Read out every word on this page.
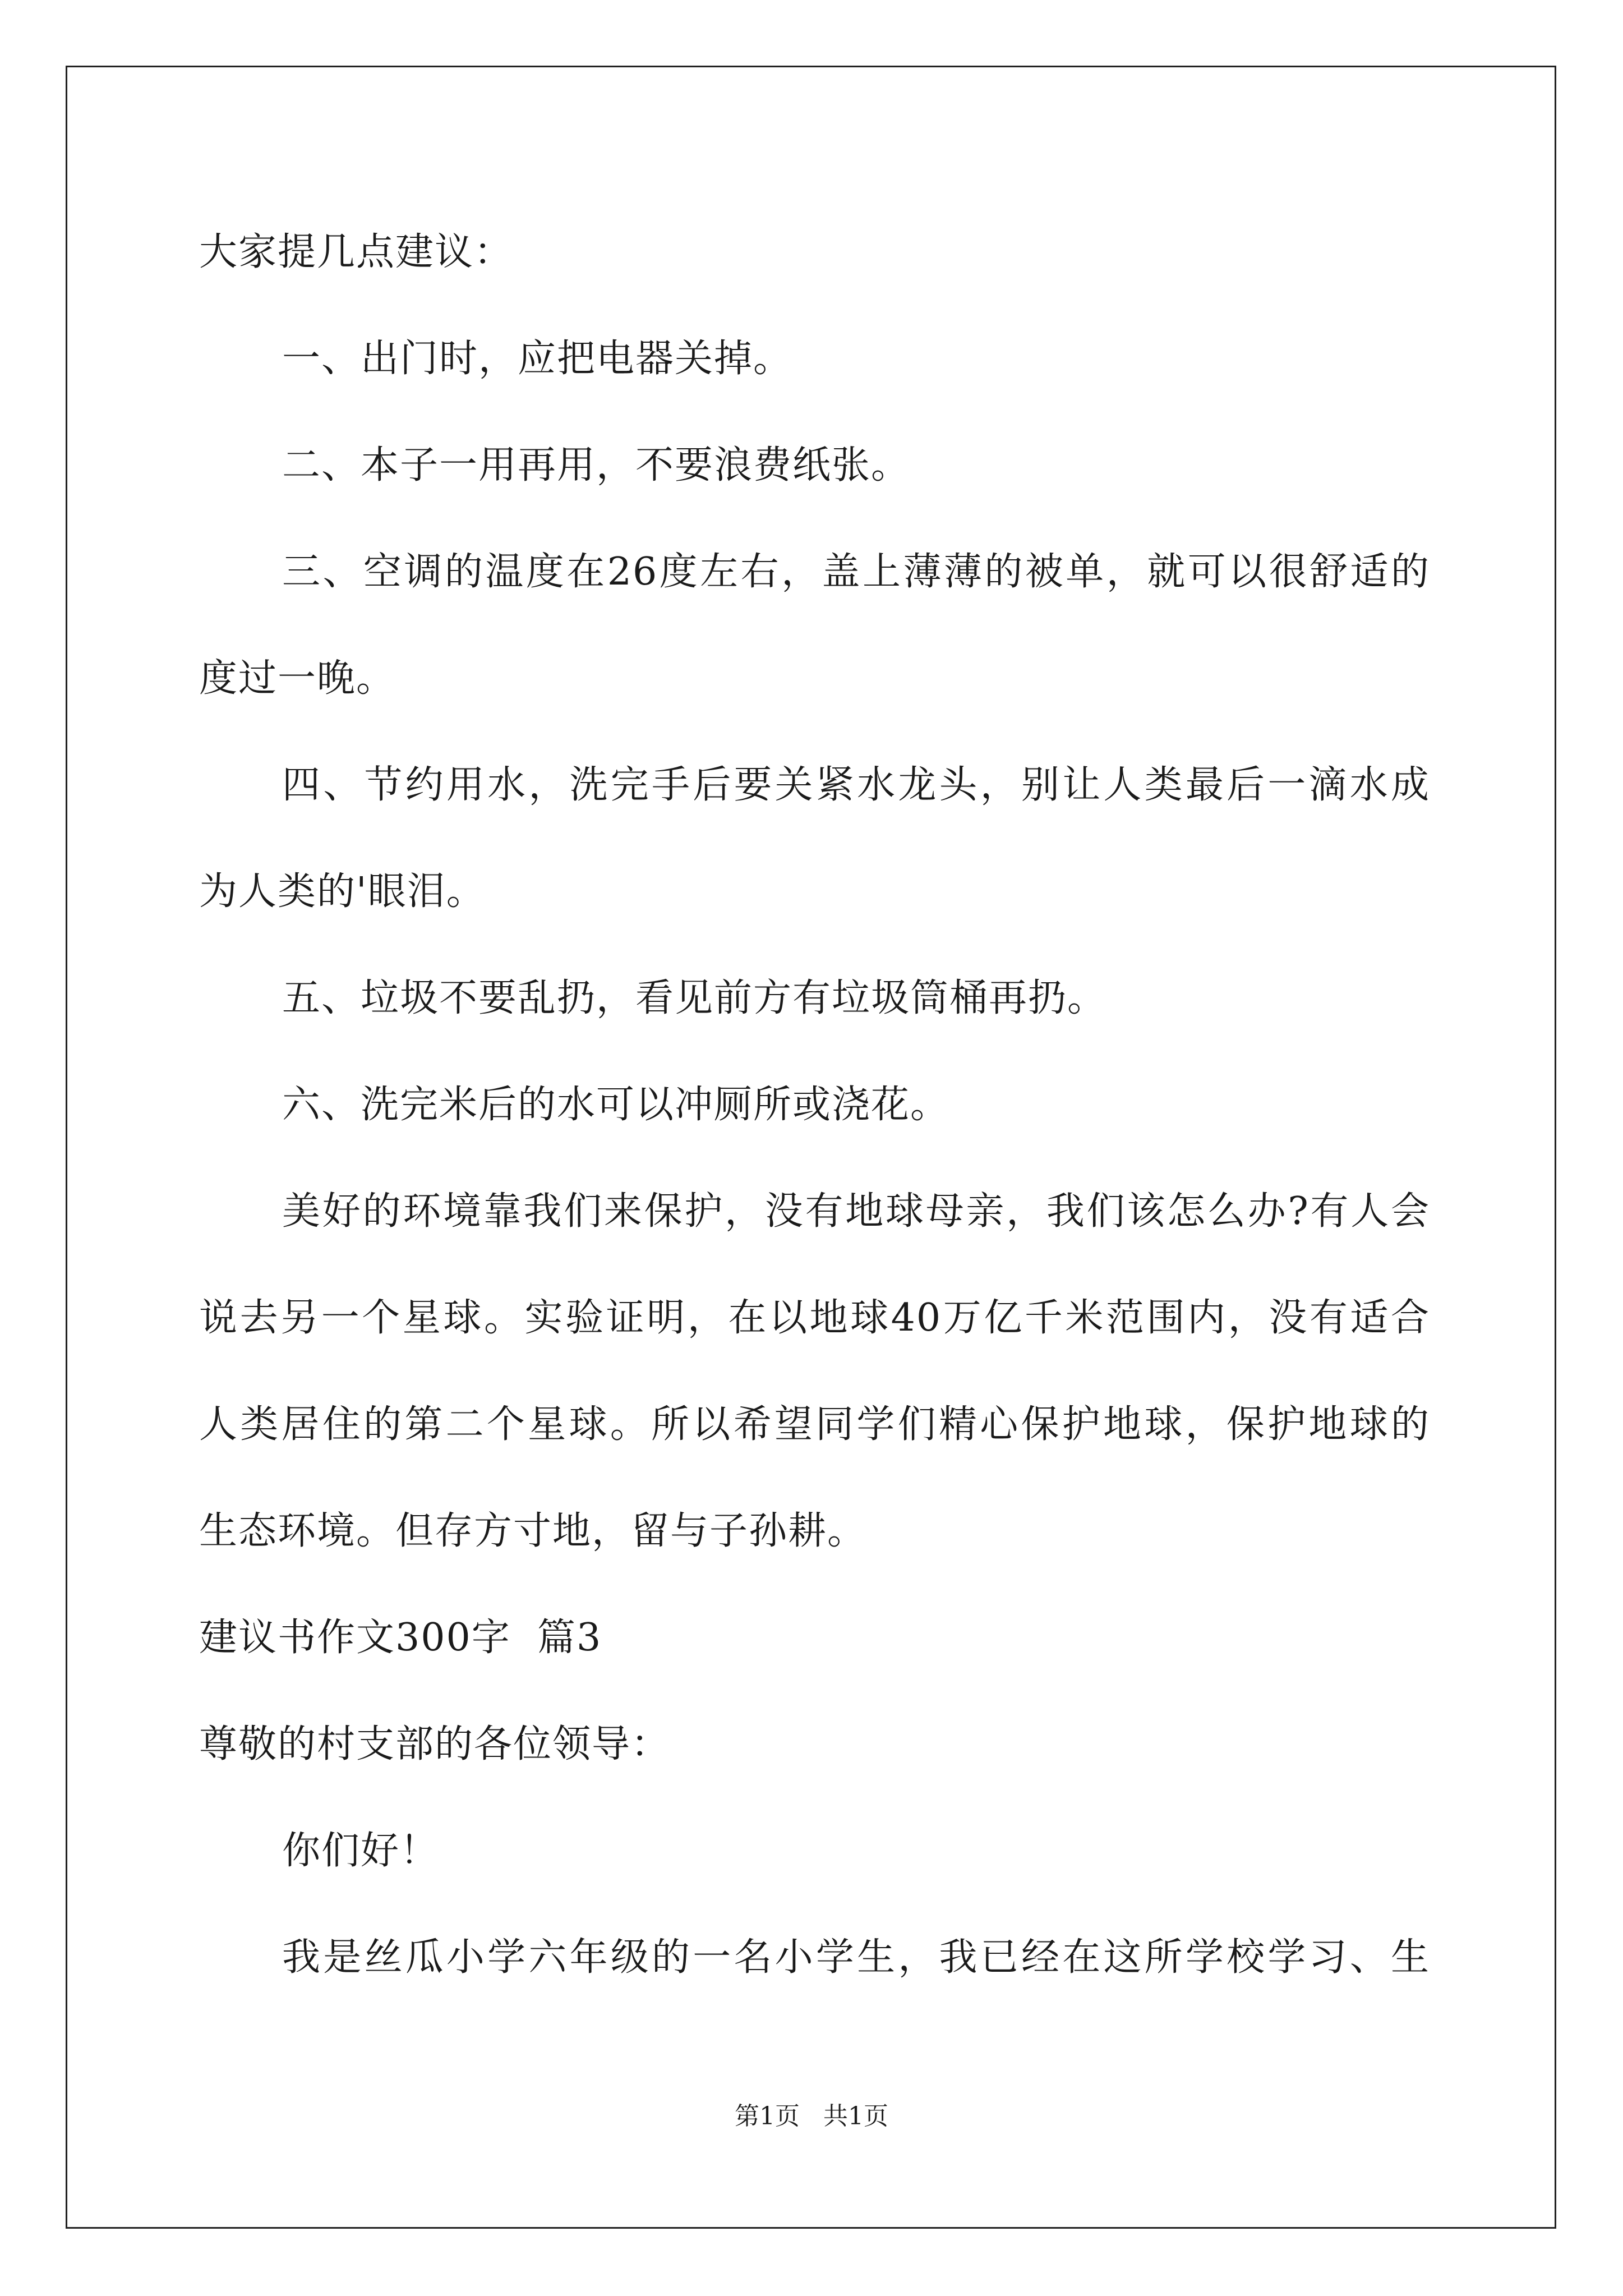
大家提几点建议：
一、出门时，应把电器关掉。
二、本子一用再用，不要浪费纸张。
三、空调的温度在26度左右，盖上薄薄的被单，就可以很舒适的
度过一晚。
四、节约用水，洗完手后要关紧水龙头，别让人类最后一滴水成
为人类的'眼泪。
五、垃圾不要乱扔，看见前方有垃圾筒桶再扔。
六、洗完米后的水可以冲厕所或浇花。
美好的环境靠我们来保护，没有地球母亲，我们该怎么办?有人会
说去另一个星球。实验证明，在以地球40万亿千米范围内，没有适合
人类居住的第二个星球。所以希望同学们精心保护地球，保护地球的
生态环境。但存方寸地，留与子孙耕。
建议书作文300字  篇3
尊敬的村支部的各位领导：
你们好！
我是丝瓜小学六年级的一名小学生，我已经在这所学校学习、生
第1页   共1页
